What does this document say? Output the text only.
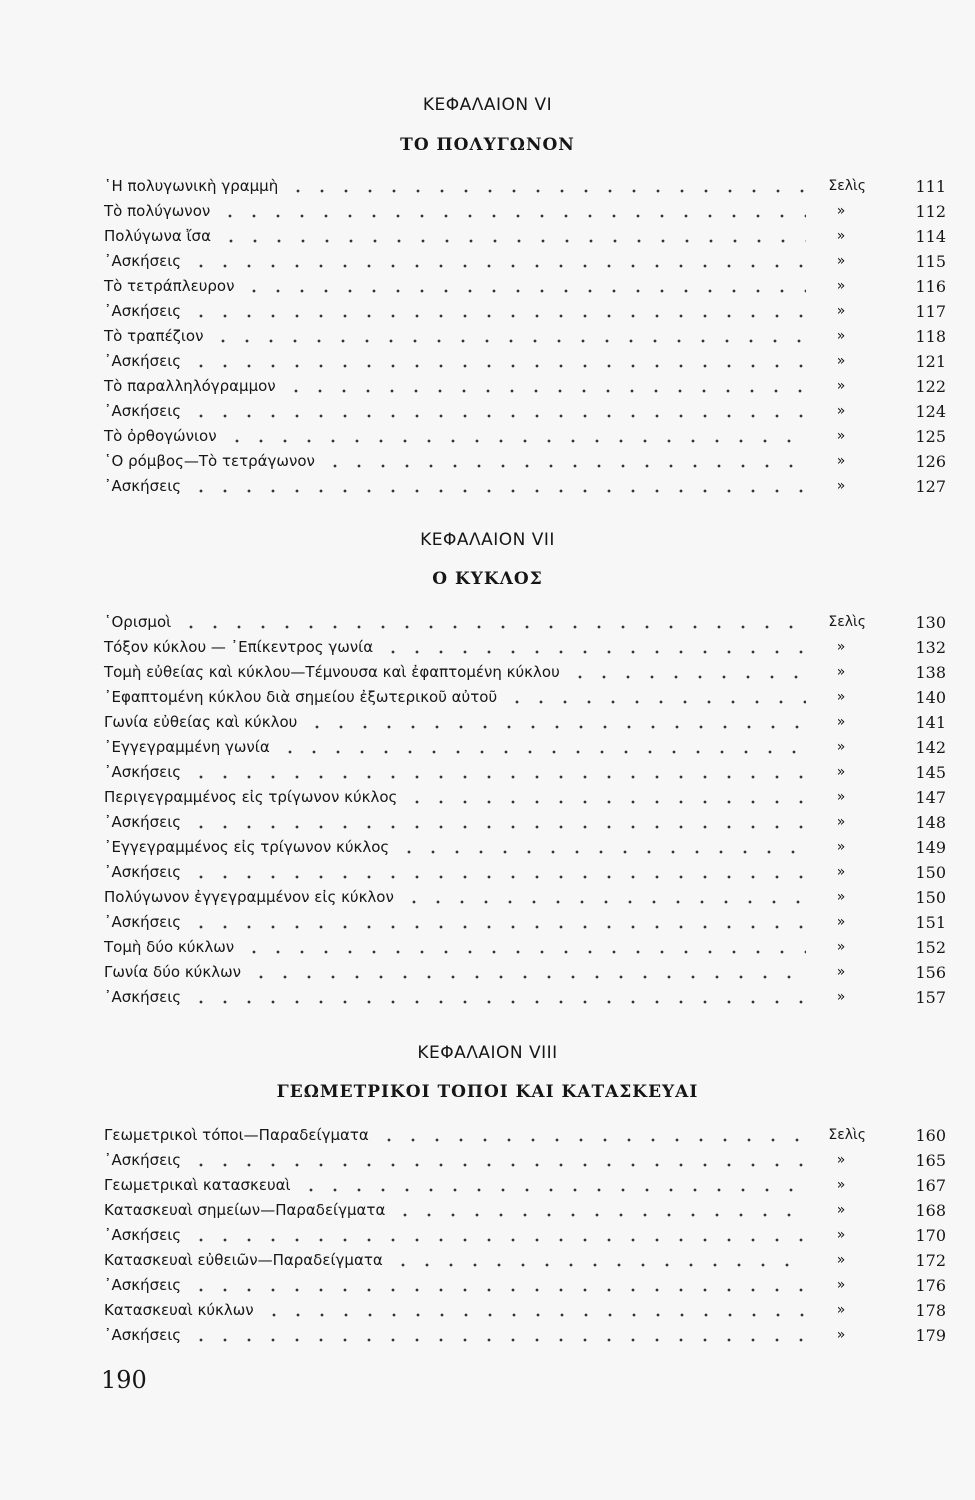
ΚΕΦΑΛΑΙΟΝ VI
ΤΟ ΠΟΛΥΓΩΝΟΝ
῾Η πολυγωνικὴ γραμμὴ	Σελὶς	111
Τὸ πολύγωνον	»	112
Πολύγωνα ἴσα	»	114
᾿Ασκήσεις	»	115
Τὸ τετράπλευρον	»	116
᾿Ασκήσεις	»	117
Τὸ τραπέζιον	»	118
᾿Ασκήσεις	»	121
Τὸ παραλληλόγραμμον	»	122
᾿Ασκήσεις	»	124
Τὸ ὀρθογώνιον	»	125
῾Ο ρόμβος—Τὸ τετράγωνον	»	126
᾿Ασκήσεις	»	127
ΚΕΦΑΛΑΙΟΝ VII
Ο ΚΥΚΛΟΣ
῾Ορισμοὶ	Σελὶς	130
Τόξον κύκλου — ᾿Επίκεντρος γωνία	»	132
Τομὴ εὐθείας καὶ κύκλου—Τέμνουσα καὶ ἐφαπτομένη κύκλου	»	138
᾿Εφαπτομένη κύκλου διὰ σημείου ἐξωτερικοῦ αὐτοῦ	»	140
Γωνία εὐθείας καὶ κύκλου	»	141
᾿Εγγεγραμμένη γωνία	»	142
᾿Ασκήσεις	»	145
Περιγεγραμμένος εἰς τρίγωνον κύκλος	»	147
᾿Ασκήσεις	»	148
᾿Εγγεγραμμένος εἰς τρίγωνον κύκλος	»	149
᾿Ασκήσεις	»	150
Πολύγωνον ἐγγεγραμμένον εἰς κύκλον	»	150
᾿Ασκήσεις	»	151
Τομὴ δύο κύκλων	»	152
Γωνία δύο κύκλων	»	156
᾿Ασκήσεις	»	157
ΚΕΦΑΛΑΙΟΝ VIII
ΓΕΩΜΕΤΡΙΚΟΙ ΤΟΠΟΙ ΚΑΙ ΚΑΤΑΣΚΕΥΑΙ
Γεωμετρικοὶ τόποι—Παραδείγματα	Σελὶς	160
᾿Ασκήσεις	»	165
Γεωμετρικαὶ κατασκευαὶ	»	167
Κατασκευαὶ σημείων—Παραδείγματα	»	168
᾿Ασκήσεις	»	170
Κατασκευαὶ εὐθειῶν—Παραδείγματα	»	172
᾿Ασκήσεις	»	176
Κατασκευαὶ κύκλων	»	178
᾿Ασκήσεις	»	179
190
